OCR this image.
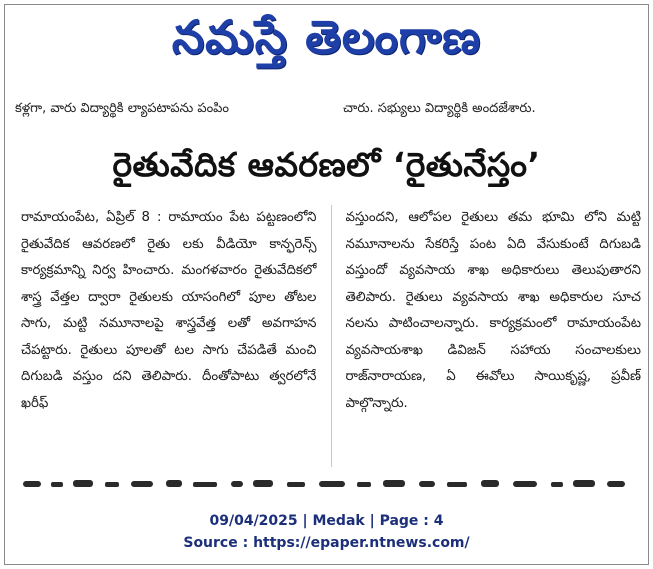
నమస్తే తెలంగాణ
కళ్లగా, వారు విద్యార్థికి ల్యాపటాపను పంపిం	చారు. సభ్యులు విద్యార్థికి అందజేశారు.
రైతువేదిక ఆవరణలో ‘రైతునేస్తం’

రామాయంపేట, ఏప్రిల్ 8 : రామాయం పేట పట్టణంలోని రైతువేదిక ఆవరణలో రైతు లకు వీడియో కాన్ఫరెన్స్ కార్యక్రమాన్ని నిర్వ హించారు. మంగళవారం రైతువేదికలో శాస్త్ర వేత్తల ద్వారా రైతులకు యాసంగిలో పూల తోటల సాగు, మట్టి నమూనాలపై శాస్త్రవేత్త లతో అవగాహన చేపట్టారు. రైతులు పూలతో టల సాగు చేపడితే మంచి దిగుబడి వస్తుం దని తెలిపారు. దీంతోపాటు త్వరలోనే ఖరీఫ్

వస్తుందని, ఆలోపల రైతులు తమ భూమి లోని మట్టి నమూనాలను సేకరిస్తే పంట ఏది వేసుకుంటే దిగుబడి వస్తుందో వ్యవసాయ శాఖ అధికారులు తెలుపుతారని తెలిపారు. రైతులు వ్యవసాయ శాఖ అధికారుల సూచ నలను పాటించాలన్నారు. కార్యక్రమంలో రామాయంపేట వ్యవసాయశాఖ డివిజన్ సహాయ సంచాలకులు రాజ్‌నారాయణ, ఏ ఈవోలు సాయికృష్ణ, ప్రవీణ్ పాల్గొన్నారు.

09/04/2025 | Medak | Page : 4
Source : https://epaper.ntnews.com/
